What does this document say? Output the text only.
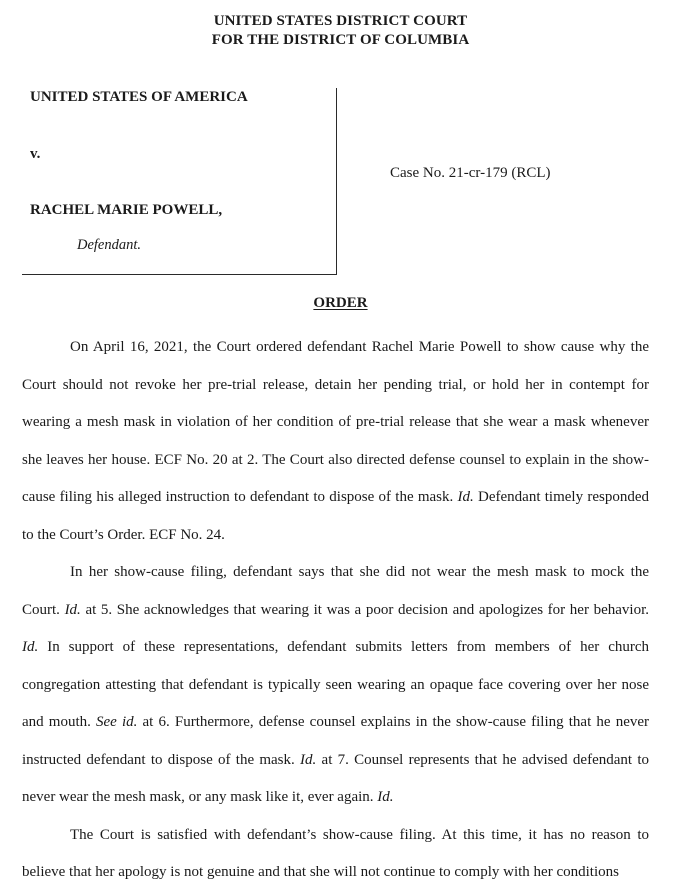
UNITED STATES DISTRICT COURT
FOR THE DISTRICT OF COLUMBIA
UNITED STATES OF AMERICA
v.
RACHEL MARIE POWELL,
Defendant.
Case No. 21-cr-179 (RCL)
ORDER

On April 16, 2021, the Court ordered defendant Rachel Marie Powell to show cause why the Court should not revoke her pre-trial release, detain her pending trial, or hold her in contempt for wearing a mesh mask in violation of her condition of pre-trial release that she wear a mask whenever she leaves her house. ECF No. 20 at 2. The Court also directed defense counsel to explain in the show-cause filing his alleged instruction to defendant to dispose of the mask. Id. Defendant timely responded to the Court’s Order. ECF No. 24.

In her show-cause filing, defendant says that she did not wear the mesh mask to mock the Court. Id. at 5. She acknowledges that wearing it was a poor decision and apologizes for her behavior. Id. In support of these representations, defendant submits letters from members of her church congregation attesting that defendant is typically seen wearing an opaque face covering over her nose and mouth. See id. at 6. Furthermore, defense counsel explains in the show-cause filing that he never instructed defendant to dispose of the mask. Id. at 7. Counsel represents that he advised defendant to never wear the mesh mask, or any mask like it, ever again. Id.

The Court is satisfied with defendant’s show-cause filing. At this time, it has no reason to believe that her apology is not genuine and that she will not continue to comply with her conditions
